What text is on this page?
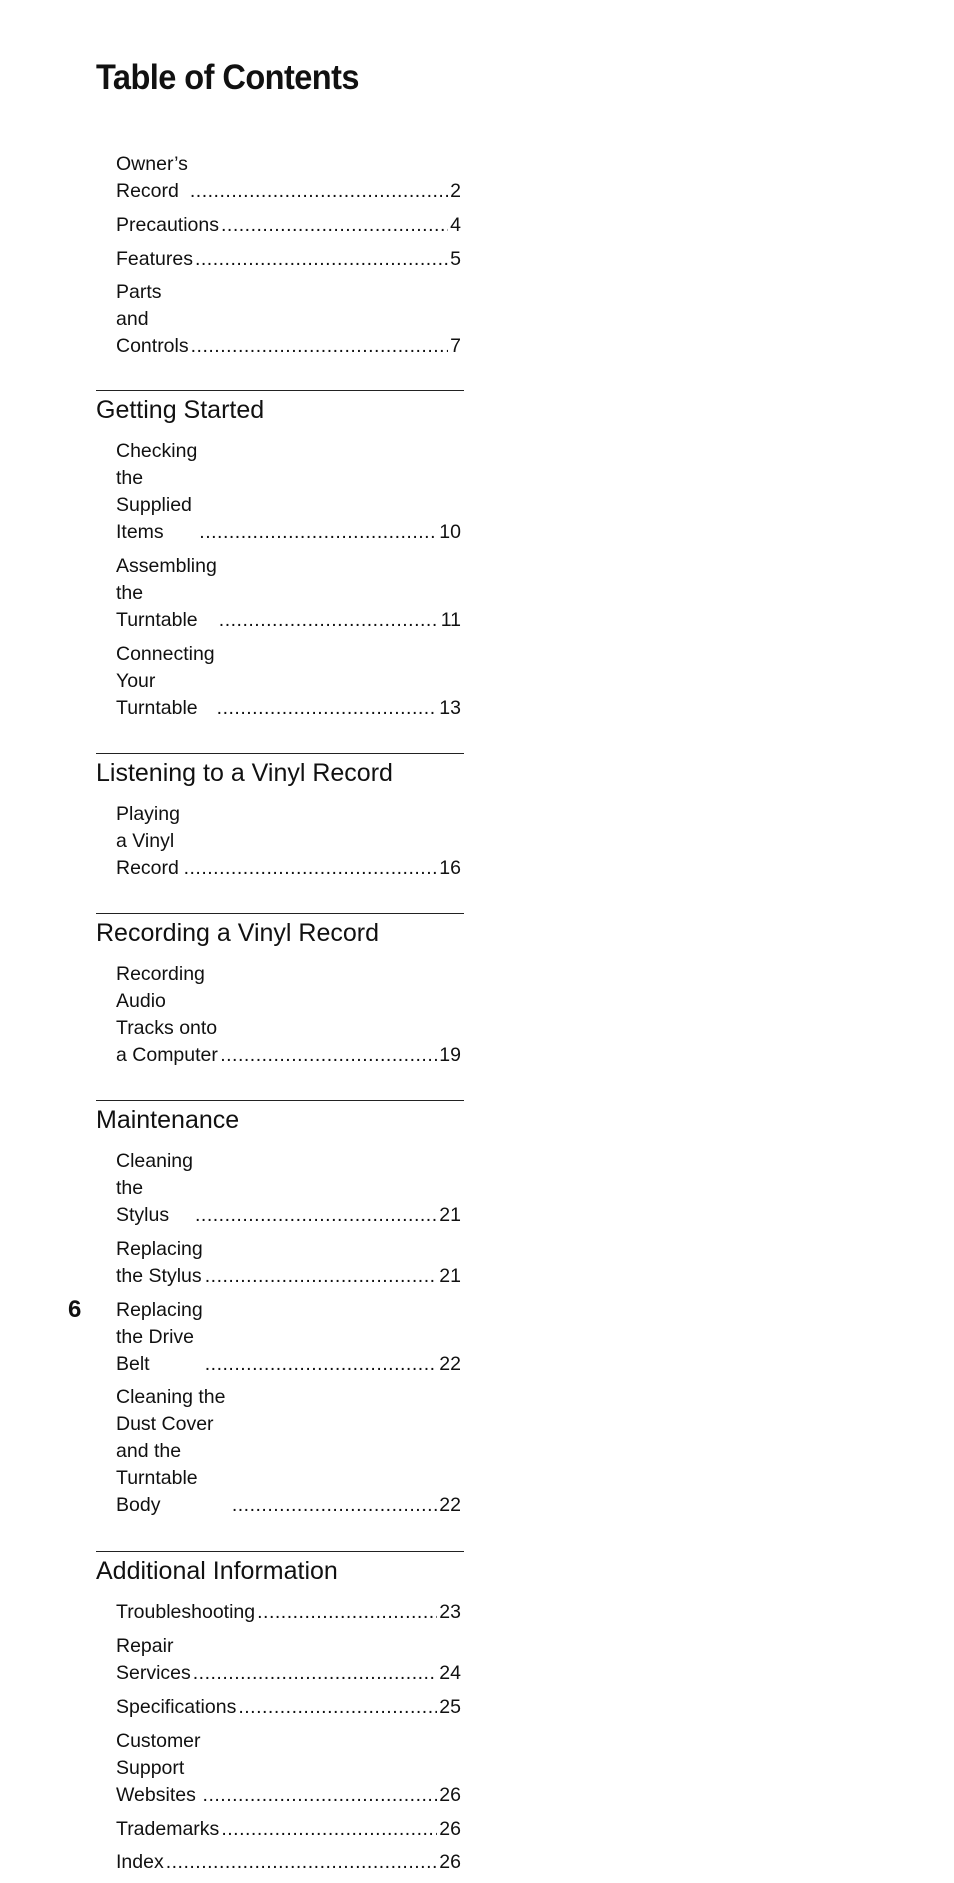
Table of Contents
Owner’s Record .....	2
Precautions .....	4
Features .....	5
Parts and Controls .....	7
Getting Started
Checking the Supplied Items .....	10
Assembling the Turntable .....	11
Connecting Your Turntable .....	13
Listening to a Vinyl Record
Playing a Vinyl Record .....	16
Recording a Vinyl Record
Recording Audio Tracks onto a Computer .....	19
Maintenance
Cleaning the Stylus .....	21
Replacing the Stylus .....	21
Replacing the Drive Belt .....	22
Cleaning the Dust Cover and the Turntable Body .....	22
Additional Information
Troubleshooting .....	23
Repair Services .....	24
Specifications .....	25
Customer Support Websites .....	26
Trademarks .....	26
Index .....	26
6
